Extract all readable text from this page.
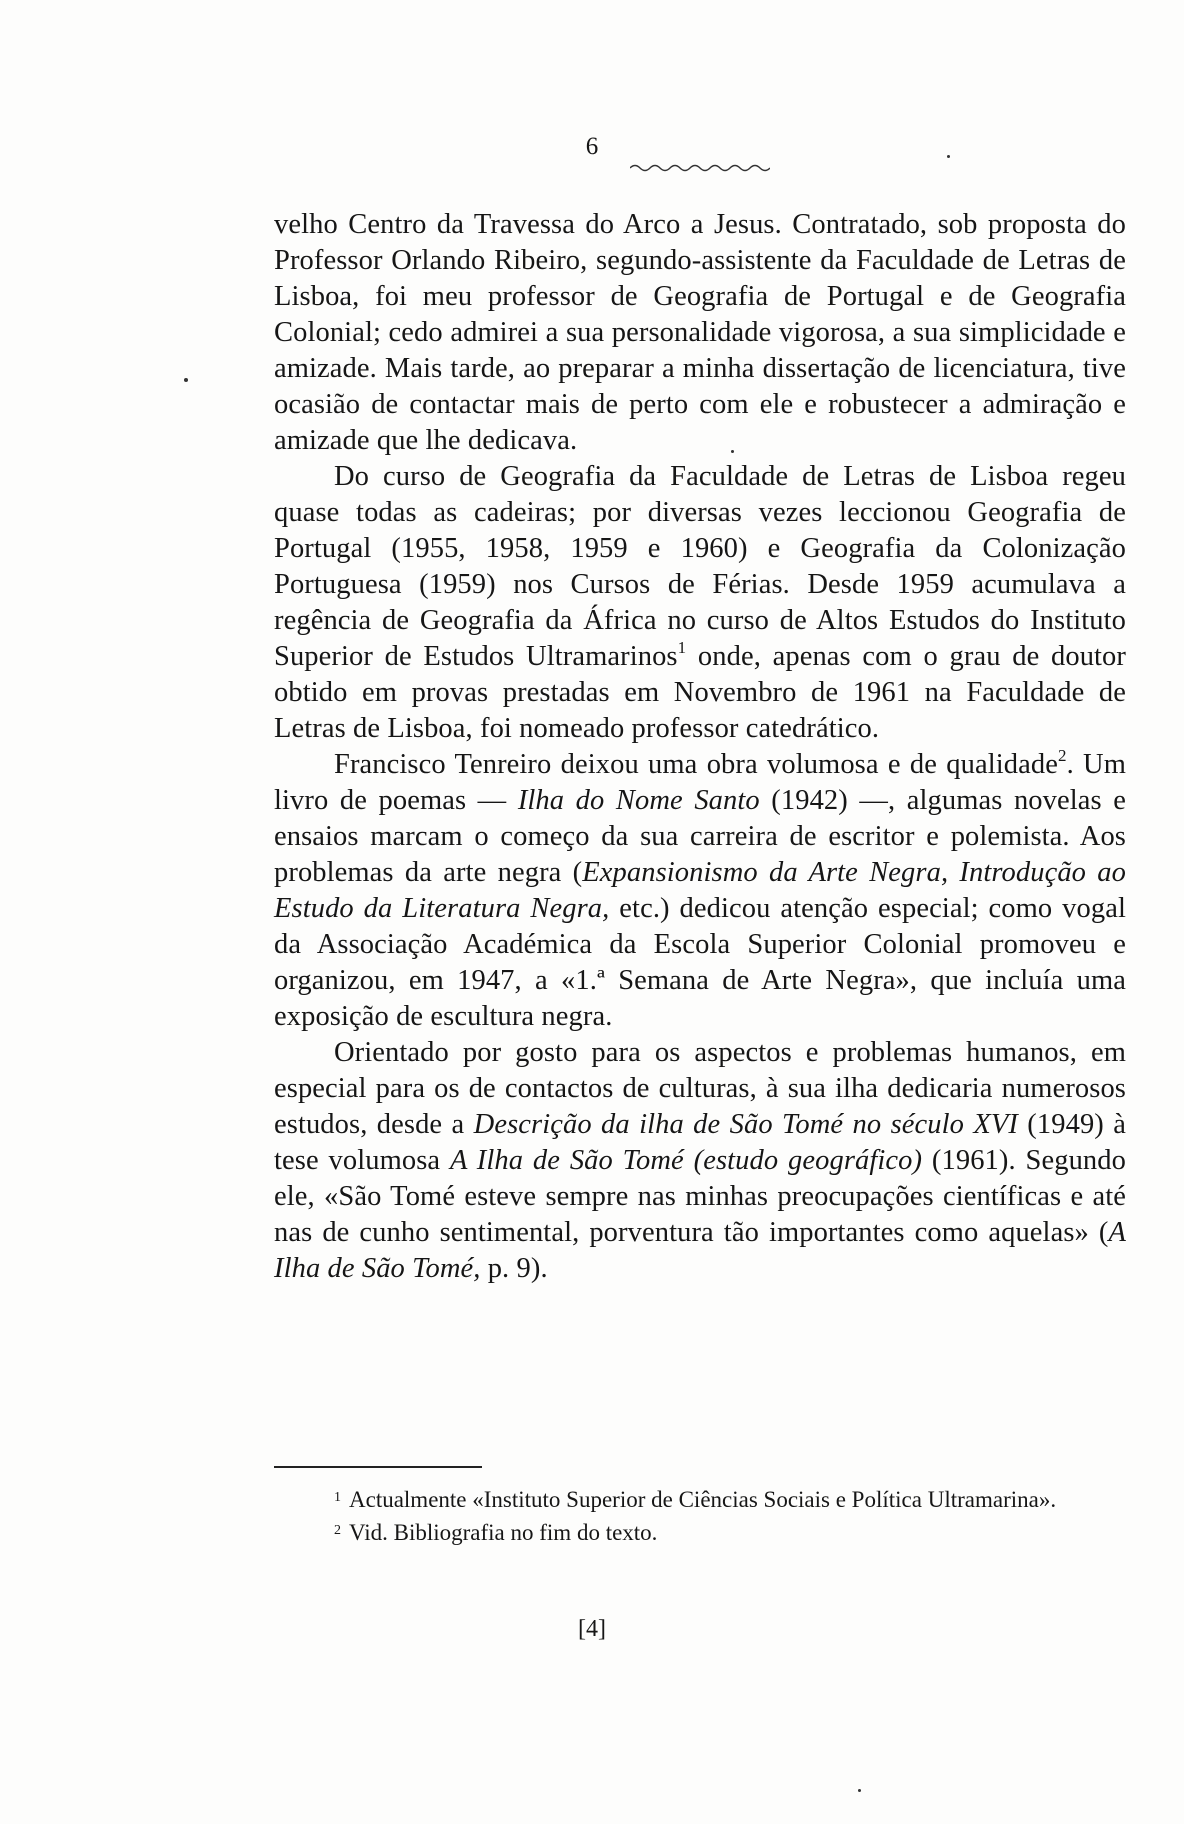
6

velho Centro da Travessa do Arco a Jesus. Contratado, sob proposta do Professor Orlando Ribeiro, segundo-assistente da Faculdade de Letras de Lisboa, foi meu professor de Geografia de Portugal e de Geografia Colonial; cedo admirei a sua personalidade vigorosa, a sua simplicidade e amizade. Mais tarde, ao preparar a minha dissertação de licenciatura, tive ocasião de contactar mais de perto com ele e robustecer a admiração e amizade que lhe dedicava.

Do curso de Geografia da Faculdade de Letras de Lisboa regeu quase todas as cadeiras; por diversas vezes leccionou Geografia de Portugal (1955, 1958, 1959 e 1960) e Geografia da Colonização Portuguesa (1959) nos Cursos de Férias. Desde 1959 acumulava a regência de Geografia da África no curso de Altos Estudos do Instituto Superior de Estudos Ultramarinos$^1$ onde, apenas com o grau de doutor obtido em provas prestadas em Novembro de 1961 na Faculdade de Letras de Lisboa, foi nomeado professor catedrático.

Francisco Tenreiro deixou uma obra volumosa e de qualidade$^2$. Um livro de poemas — Ilha do Nome Santo (1942) —, algumas novelas e ensaios marcam o começo da sua carreira de escritor e polemista. Aos problemas da arte negra (Expansionismo da Arte Negra, Introdução ao Estudo da Literatura Negra, etc.) dedicou atenção especial; como vogal da Associação Académica da Escola Superior Colonial promoveu e organizou, em 1947, a «1.ª Semana de Arte Negra», que incluía uma exposição de escultura negra.

Orientado por gosto para os aspectos e problemas humanos, em especial para os de contactos de culturas, à sua ilha dedicaria numerosos estudos, desde a Descrição da ilha de São Tomé no século XVI (1949) à tese volumosa A Ilha de São Tomé (estudo geográfico) (1961). Segundo ele, «São Tomé esteve sempre nas minhas preocupações científicas e até nas de cunho sentimental, porventura tão importantes como aquelas» (A Ilha de São Tomé, p. 9).

$^1$ Actualmente «Instituto Superior de Ciências Sociais e Política Ultramarina».

$^2$ Vid. Bibliografia no fim do texto.

[4]
